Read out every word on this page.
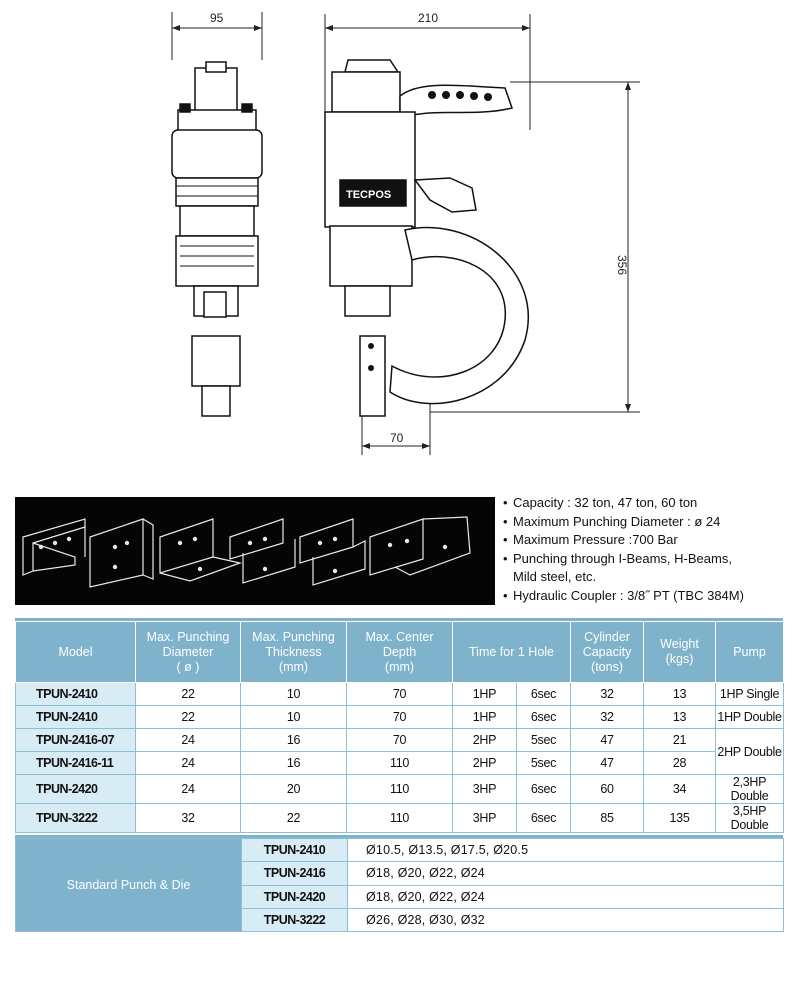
95	210
356
70
TECPOS
• Capacity : 32 ton, 47 ton, 60 ton
• Maximum Punching Diameter : ø 24
• Maximum Pressure :700 Bar
• Punching through I-Beams, H-Beams,
Mild steel, etc.
• Hydraulic Coupler : 3/8˝ PT (TBC 384M)
Model	Max. Punching
Diameter
( ø )	Max. Punching
Thickness
(mm)	Max. Center
Depth
(mm)	Time for 1 Hole		Cylinder
Capacity
(tons)	Weight
(kgs)	Pump
TPUN-2410	22	10	70	1HP	6sec	32	13	1HP Single
TPUN-2410	22	10	70	1HP	6sec	32	13	1HP Double
TPUN-2416-07	24	16	70	2HP	5sec	47	21	2HP Double
TPUN-2416-11	24	16	110	2HP	5sec	47	28	
TPUN-2420	24	20	110	3HP	6sec	60	34	2,3HP Double
TPUN-3222	32	22	110	3HP	6sec	85	135	3,5HP Double
Standard Punch & Die	TPUN-2410	Ø10.5, Ø13.5, Ø17.5, Ø20.5
	TPUN-2416	Ø18, Ø20, Ø22, Ø24
	TPUN-2420	Ø18, Ø20, Ø22, Ø24
	TPUN-3222	Ø26, Ø28, Ø30, Ø32
